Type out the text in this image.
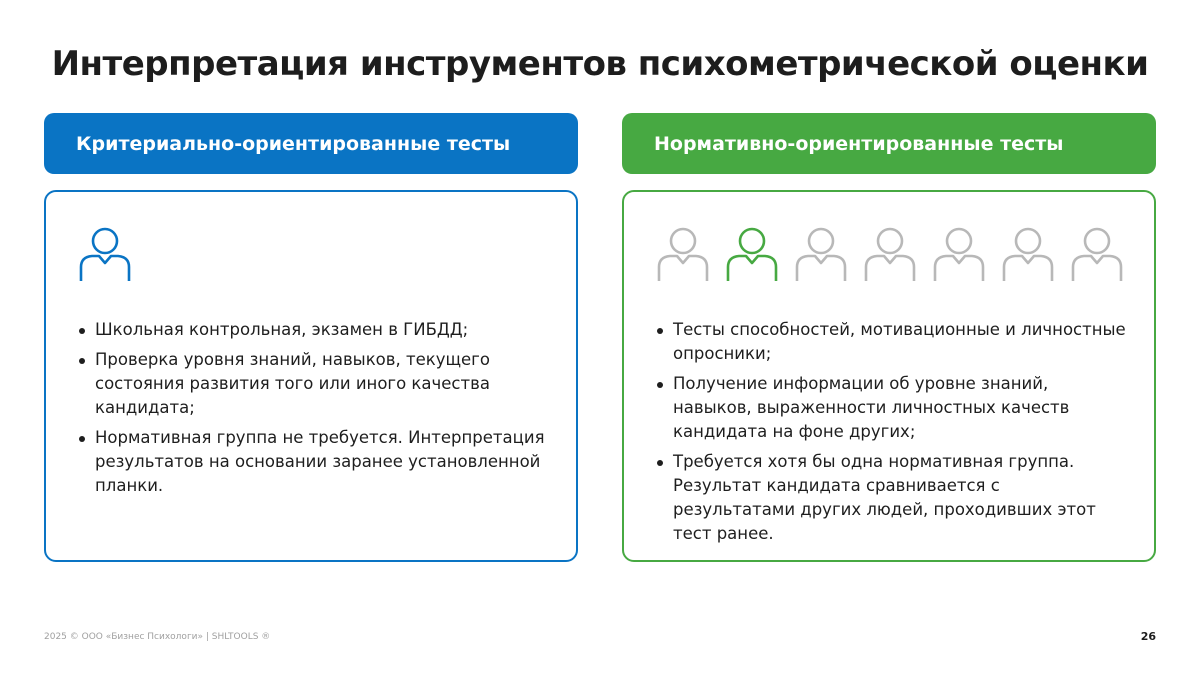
Интерпретация инструментов психометрической оценки
Критериально-ориентированные тесты	Нормативно-ориентированные тесты
Школьная контрольная, экзамен в ГИБДД;
Проверка уровня знаний, навыков, текущего состояния развития того или иного качества кандидата;
Нормативная группа не требуется. Интерпретация результатов на основании заранее установленной планки.
Тесты способностей, мотивационные и личностные опросники;
Получение информации об уровне знаний, навыков, выраженности личностных качеств кандидата на фоне других;
Требуется хотя бы одна нормативная группа. Результат кандидата сравнивается с результатами других людей, проходивших этот тест ранее.
2025 © ООО «Бизнес Психологи» | SHLTOOLS ®	26
